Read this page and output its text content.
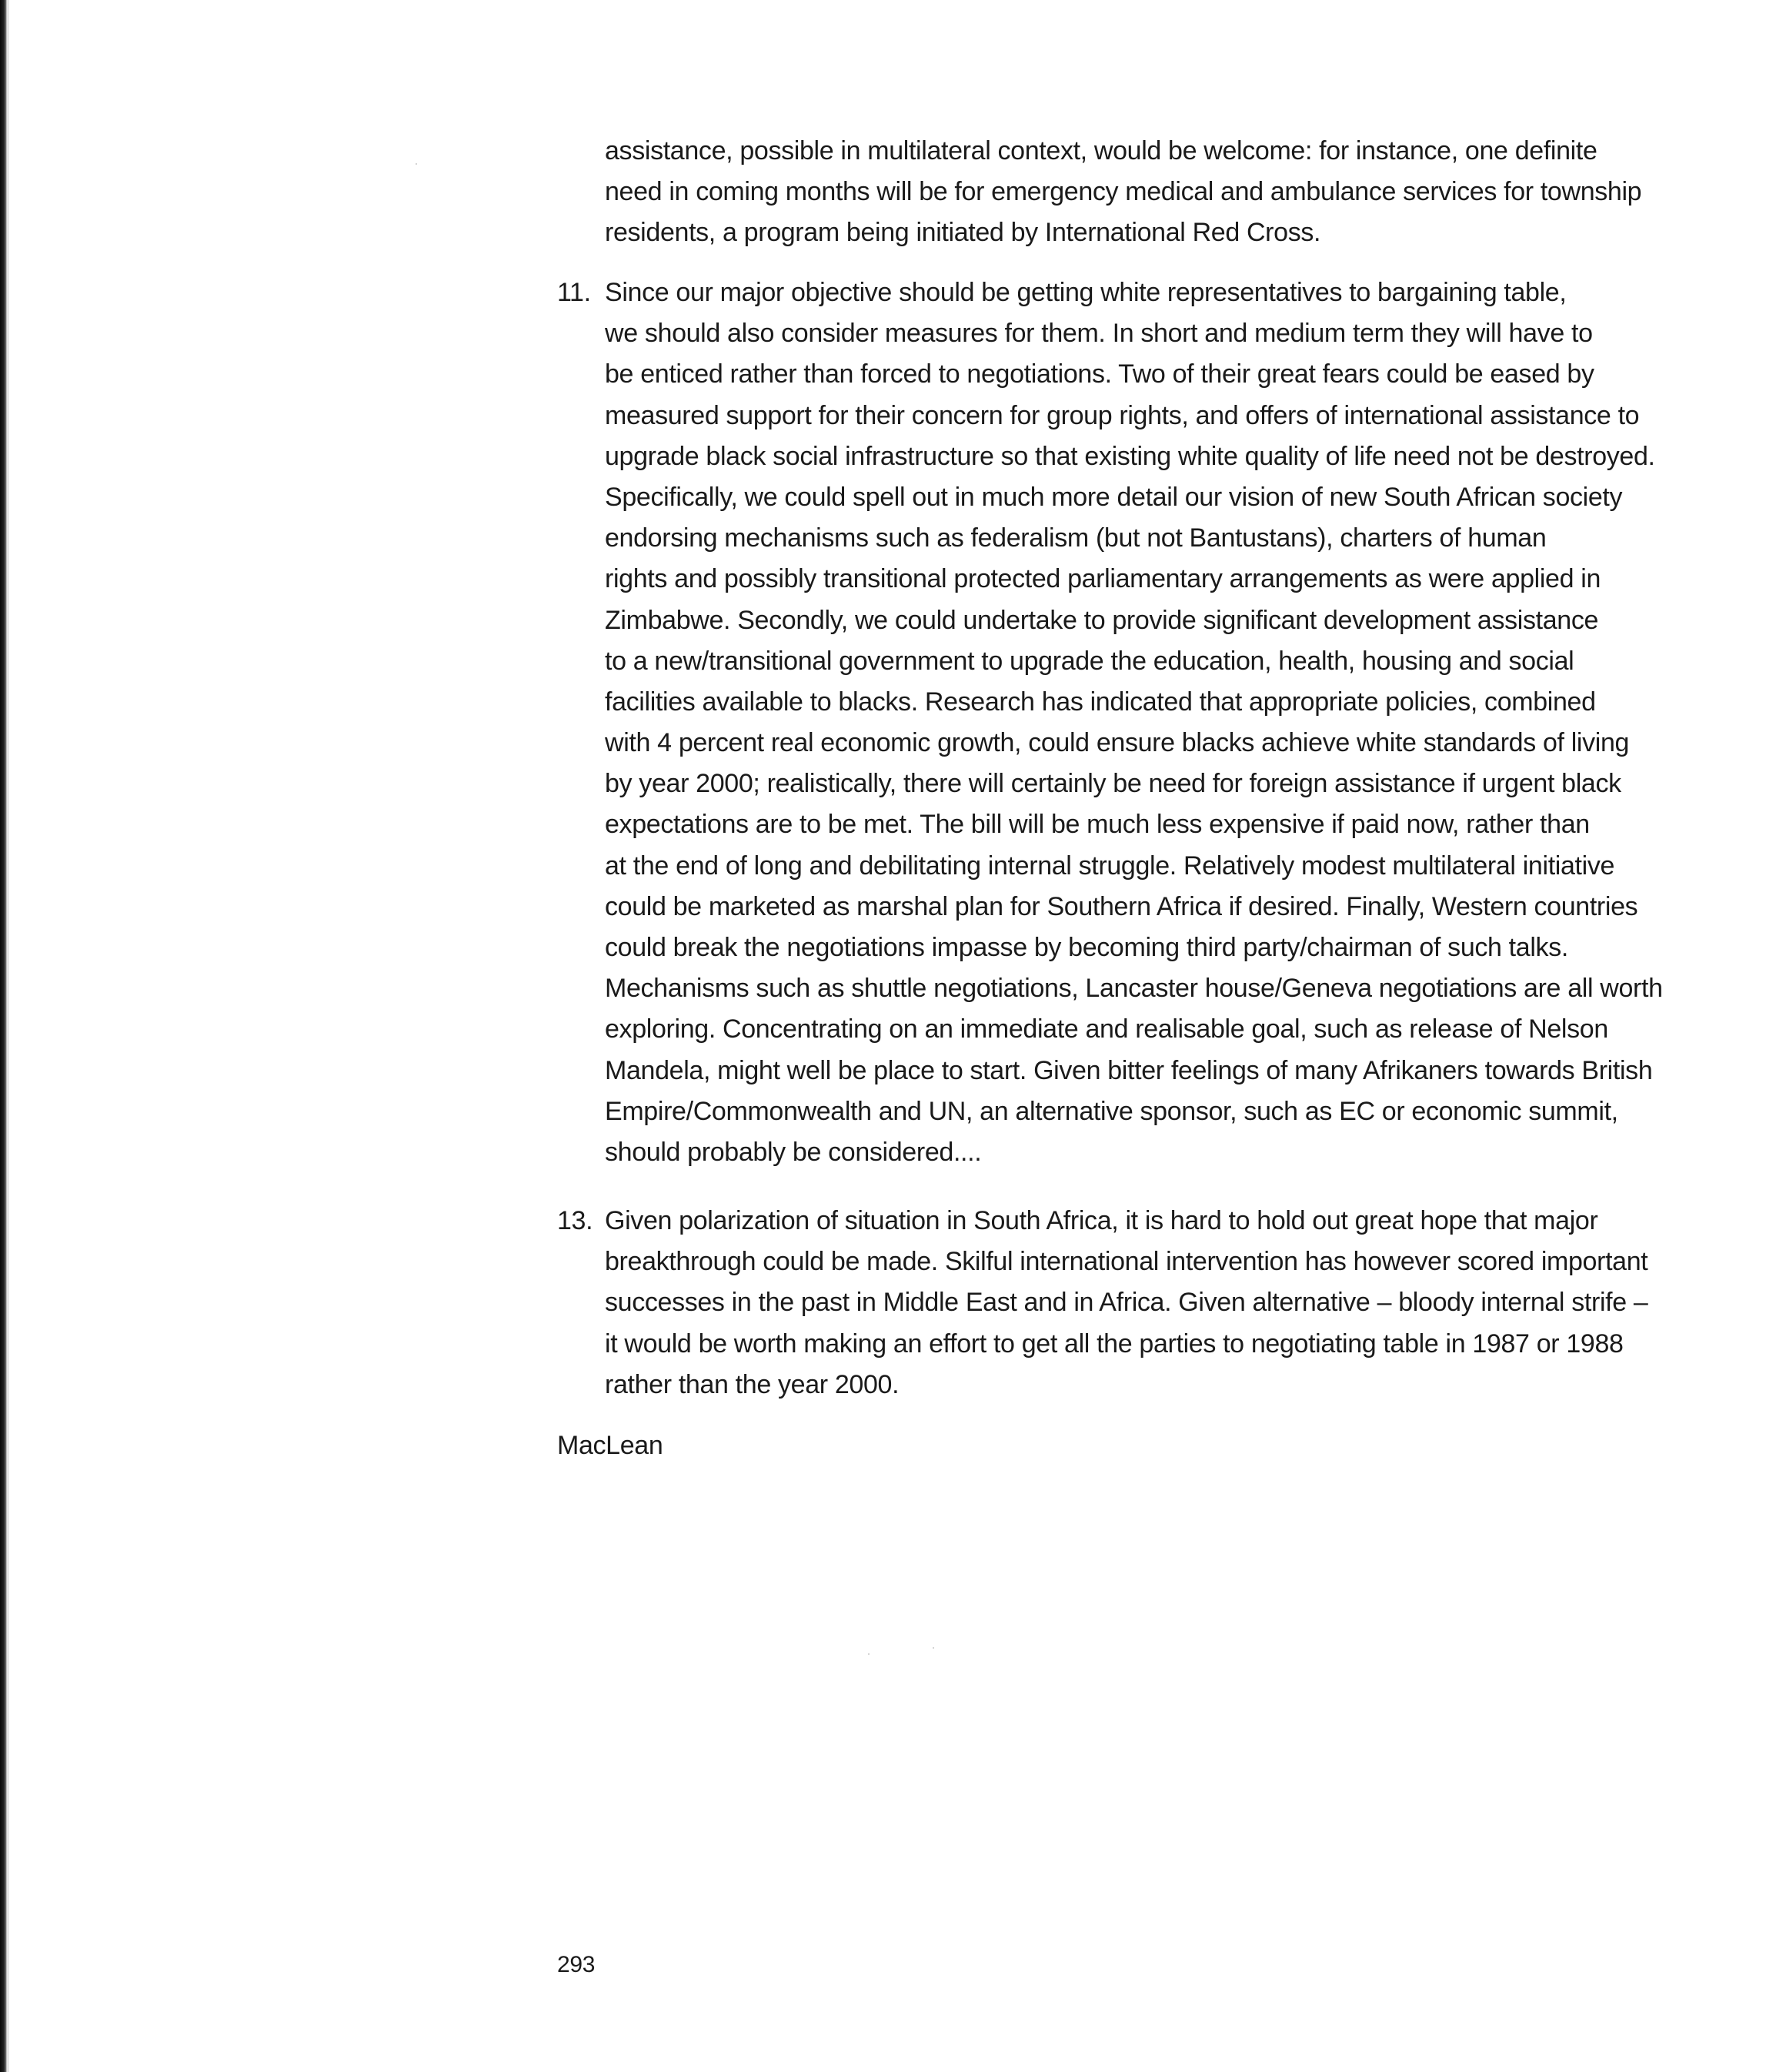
assistance, possible in multilateral context, would be welcome: for instance, one definite
need in coming months will be for emergency medical and ambulance services for township
residents, a program being initiated by International Red Cross.
11. Since our major objective should be getting white representatives to bargaining table,
we should also consider measures for them. In short and medium term they will have to
be enticed rather than forced to negotiations. Two of their great fears could be eased by
measured support for their concern for group rights, and offers of international assistance to
upgrade black social infrastructure so that existing white quality of life need not be destroyed.
Specifically, we could spell out in much more detail our vision of new South African society
endorsing mechanisms such as federalism (but not Bantustans), charters of human
rights and possibly transitional protected parliamentary arrangements as were applied in
Zimbabwe. Secondly, we could undertake to provide significant development assistance
to a new/transitional government to upgrade the education, health, housing and social
facilities available to blacks. Research has indicated that appropriate policies, combined
with 4 percent real economic growth, could ensure blacks achieve white standards of living
by year 2000; realistically, there will certainly be need for foreign assistance if urgent black
expectations are to be met. The bill will be much less expensive if paid now, rather than
at the end of long and debilitating internal struggle. Relatively modest multilateral initiative
could be marketed as marshal plan for Southern Africa if desired. Finally, Western countries
could break the negotiations impasse by becoming third party/chairman of such talks.
Mechanisms such as shuttle negotiations, Lancaster house/Geneva negotiations are all worth
exploring. Concentrating on an immediate and realisable goal, such as release of Nelson
Mandela, might well be place to start. Given bitter feelings of many Afrikaners towards British
Empire/Commonwealth and UN, an alternative sponsor, such as EC or economic summit,
should probably be considered....
13. Given polarization of situation in South Africa, it is hard to hold out great hope that major
breakthrough could be made. Skilful international intervention has however scored important
successes in the past in Middle East and in Africa. Given alternative – bloody internal strife –
it would be worth making an effort to get all the parties to negotiating table in 1987 or 1988
rather than the year 2000.
MacLean
293
